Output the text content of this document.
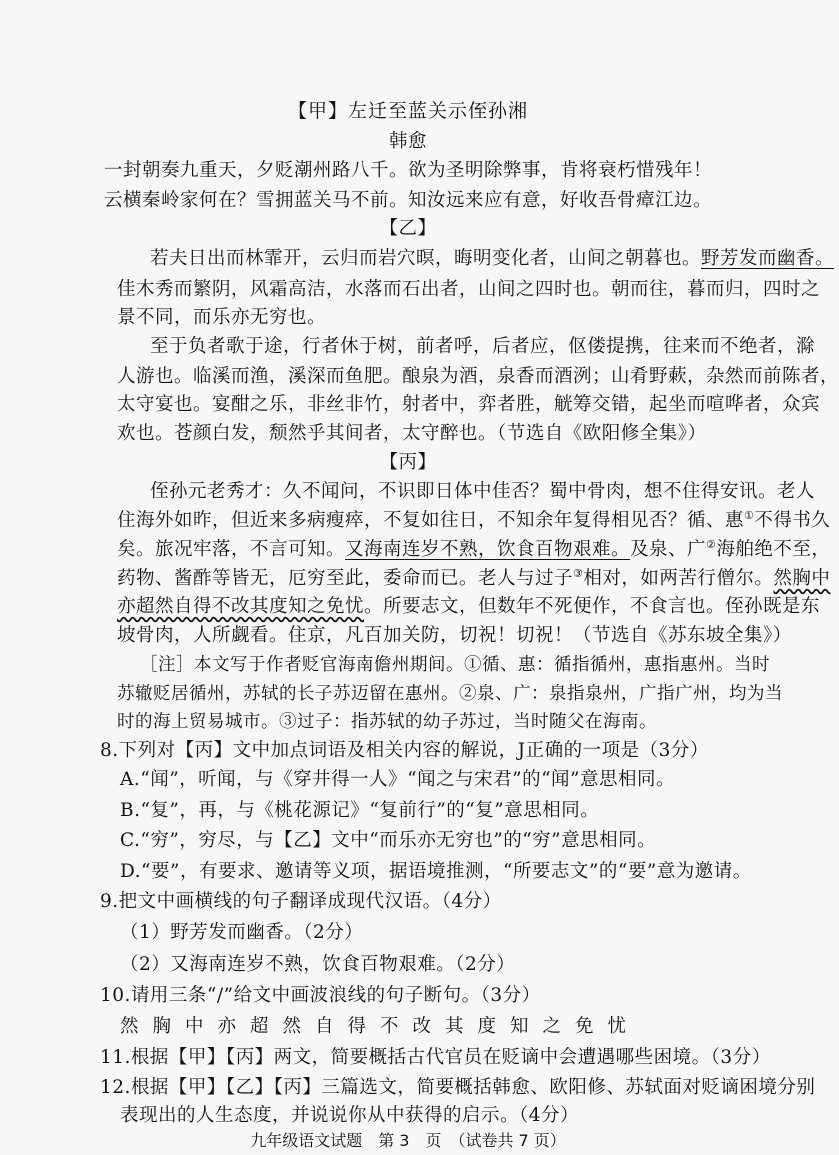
【甲】左迁至蓝关示侄孙湘
韩愈
一封朝奏九重天，夕贬潮州路八千。欲为圣明除弊事，肯将衰朽惜残年！
云横秦岭家何在？雪拥蓝关马不前。知汝远来应有意，好收吾骨瘴江边。
【乙】
若夫日出而林霏开，云归而岩穴暝，晦明变化者，山间之朝暮也。野芳发而幽香。
佳木秀而繁阴，风霜高洁，水落而石出者，山间之四时也。朝而往，暮而归，四时之
景不同，而乐亦无穷也。
至于负者歌于途，行者休于树，前者呼，后者应，伛偻提携，往来而不绝者，滁
人游也。临溪而渔，溪深而鱼肥。酿泉为酒，泉香而酒洌；山肴野蔌，杂然而前陈者，
太守宴也。宴酣之乐，非丝非竹，射者中，弈者胜，觥筹交错，起坐而喧哗者，众宾
欢也。苍颜白发，颓然乎其间者，太守醉也。（节选自《欧阳修全集》）
【丙】
侄孙元老秀才：久不闻问，不识即日体中佳否？蜀中骨肉，想不住得安讯。老人
住海外如昨，但近来多病瘦瘁，不复如往日，不知余年复得相见否？循、惠①不得书久
矣。旅况牢落，不言可知。又海南连岁不熟，饮食百物艰难。及泉、广②海舶绝不至，
药物、酱酢等皆无，厄穷至此，委命而已。老人与过子③相对，如两苦行僧尔。然胸中
亦超然自得不改其度知之免忧。所要志文，但数年不死便作，不食言也。侄孙既是东
坡骨肉，人所觑看。住京，凡百加关防，切祝！切祝！（节选自《苏东坡全集》）
［注］本文写于作者贬官海南儋州期间。①循、惠：循指循州，惠指惠州。当时
苏辙贬居循州，苏轼的长子苏迈留在惠州。②泉、广：泉指泉州，广指广州，均为当
时的海上贸易城市。③过子：指苏轼的幼子苏过，当时随父在海南。
8.下列对【丙】文中加点词语及相关内容的解说，J正确的一项是（3分）
A.“闻”，听闻，与《穿井得一人》“闻之与宋君”的“闻”意思相同。
B.“复”，再，与《桃花源记》“复前行”的“复”意思相同。
C.“穷”，穷尽，与【乙】文中“而乐亦无穷也”的“穷”意思相同。
D.“要”，有要求、邀请等义项，据语境推测，“所要志文”的“要”意为邀请。
9.把文中画横线的句子翻译成现代汉语。（4分）
（1）野芳发而幽香。（2分）
（2）又海南连岁不熟，饮食百物艰难。（2分）
10.请用三条“/”给文中画波浪线的句子断句。（3分）
然胸中亦超然自得不改其度知之免忧
11.根据【甲】【丙】两文，简要概括古代官员在贬谪中会遭遇哪些困境。（3分）
12.根据【甲】【乙】【丙】三篇选文，简要概括韩愈、欧阳修、苏轼面对贬谪困境分别
表现出的人生态度，并说说你从中获得的启示。（4分）
九年级语文试题　第 3　页　（试卷共 7 页）
